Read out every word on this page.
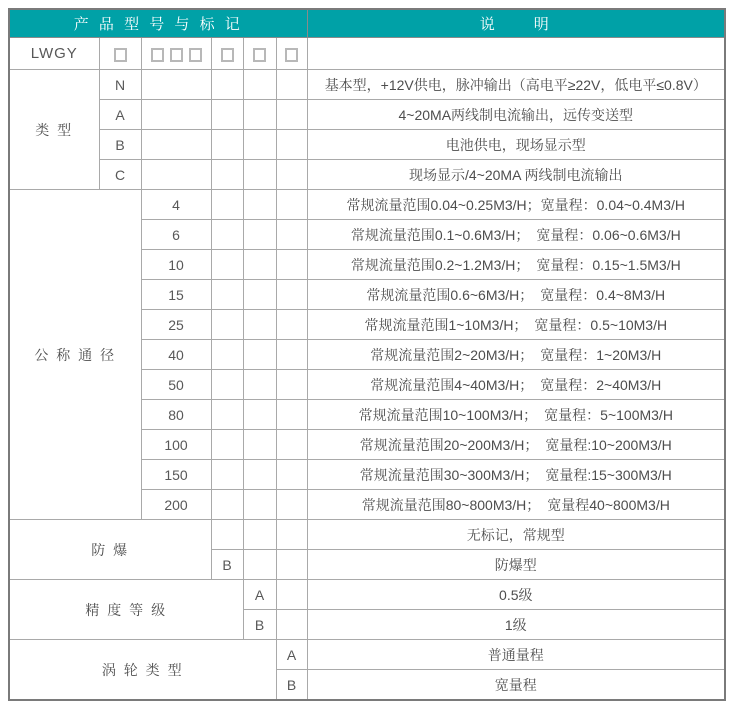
产 品 型 号 与 标 记						说　　明
LWGY						
类 型	N					基本型，+12V供电，脉冲输出（高电平≥22V，低电平≤0.8V）
	A					4~20MA两线制电流输出，远传变送型
	B					电池供电，现场显示型
	C					现场显示/4~20MA 两线制电流输出
公 称 通 径		4				常规流量范围0.04~0.25M3/H；宽量程：0.04~0.4M3/H
		6				常规流量范围0.1~0.6M3/H；　宽量程：0.06~0.6M3/H
		10				常规流量范围0.2~1.2M3/H；　宽量程：0.15~1.5M3/H
		15				常规流量范围0.6~6M3/H；　宽量程：0.4~8M3/H
		25				常规流量范围1~10M3/H；　宽量程：0.5~10M3/H
		40				常规流量范围2~20M3/H；　宽量程：1~20M3/H
		50				常规流量范围4~40M3/H；　宽量程：2~40M3/H
		80				常规流量范围10~100M3/H；　宽量程：5~100M3/H
		100				常规流量范围20~200M3/H；　宽量程:10~200M3/H
		150				常规流量范围30~300M3/H；　宽量程:15~300M3/H
		200				常规流量范围80~800M3/H；　宽量程40~800M3/H
防 爆						无标记，常规型
			B			防爆型
精 度 等 级				A		0.5级
				B		1级
涡 轮 类 型					A	普通量程
					B	宽量程
